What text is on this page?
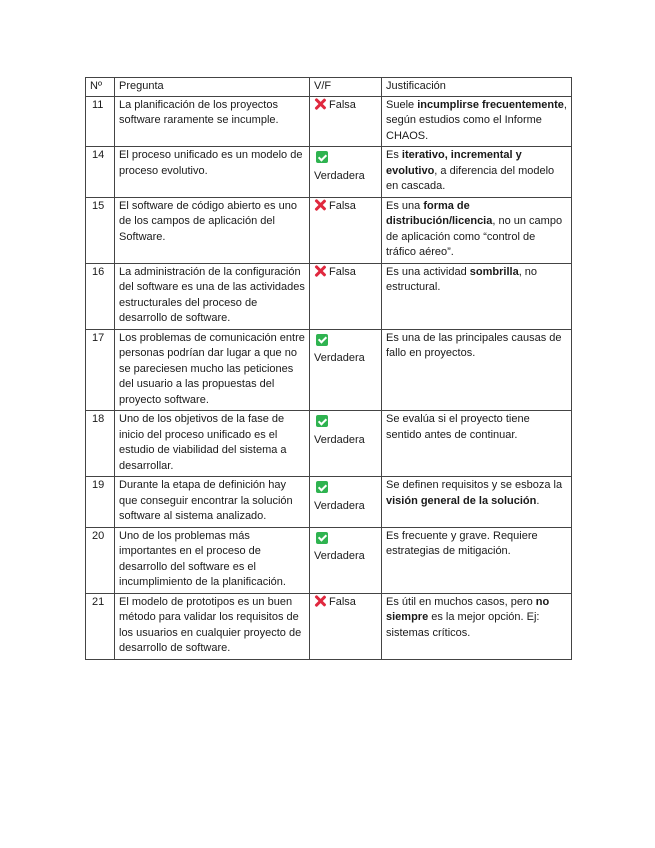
Nº	Pregunta	V/F	Justificación
11	La planificación de los proyectos software raramente se incumple.	Falsa	Suele incumplirse frecuentemente, según estudios como el Informe CHAOS.
14	El proceso unificado es un modelo de proceso evolutivo.	Verdadera	Es iterativo, incremental y evolutivo, a diferencia del modelo en cascada.
15	El software de código abierto es uno de los campos de aplicación del Software.	Falsa	Es una forma de distribución/licencia, no un campo de aplicación como “control de tráfico aéreo”.
16	La administración de la configuración del software es una de las actividades estructurales del proceso de desarrollo de software.	Falsa	Es una actividad sombrilla, no estructural.
17	Los problemas de comunicación entre personas podrían dar lugar a que no se pareciesen mucho las peticiones del usuario a las propuestas del proyecto software.	Verdadera	Es una de las principales causas de fallo en proyectos.
18	Uno de los objetivos de la fase de inicio del proceso unificado es el estudio de viabilidad del sistema a desarrollar.	Verdadera	Se evalúa si el proyecto tiene sentido antes de continuar.
19	Durante la etapa de definición hay que conseguir encontrar la solución software al sistema analizado.	Verdadera	Se definen requisitos y se esboza la visión general de la solución.
20	Uno de los problemas más importantes en el proceso de desarrollo del software es el incumplimiento de la planificación.	Verdadera	Es frecuente y grave. Requiere estrategias de mitigación.
21	El modelo de prototipos es un buen método para validar los requisitos de los usuarios en cualquier proyecto de desarrollo de software.	Falsa	Es útil en muchos casos, pero no siempre es la mejor opción. Ej: sistemas críticos.
